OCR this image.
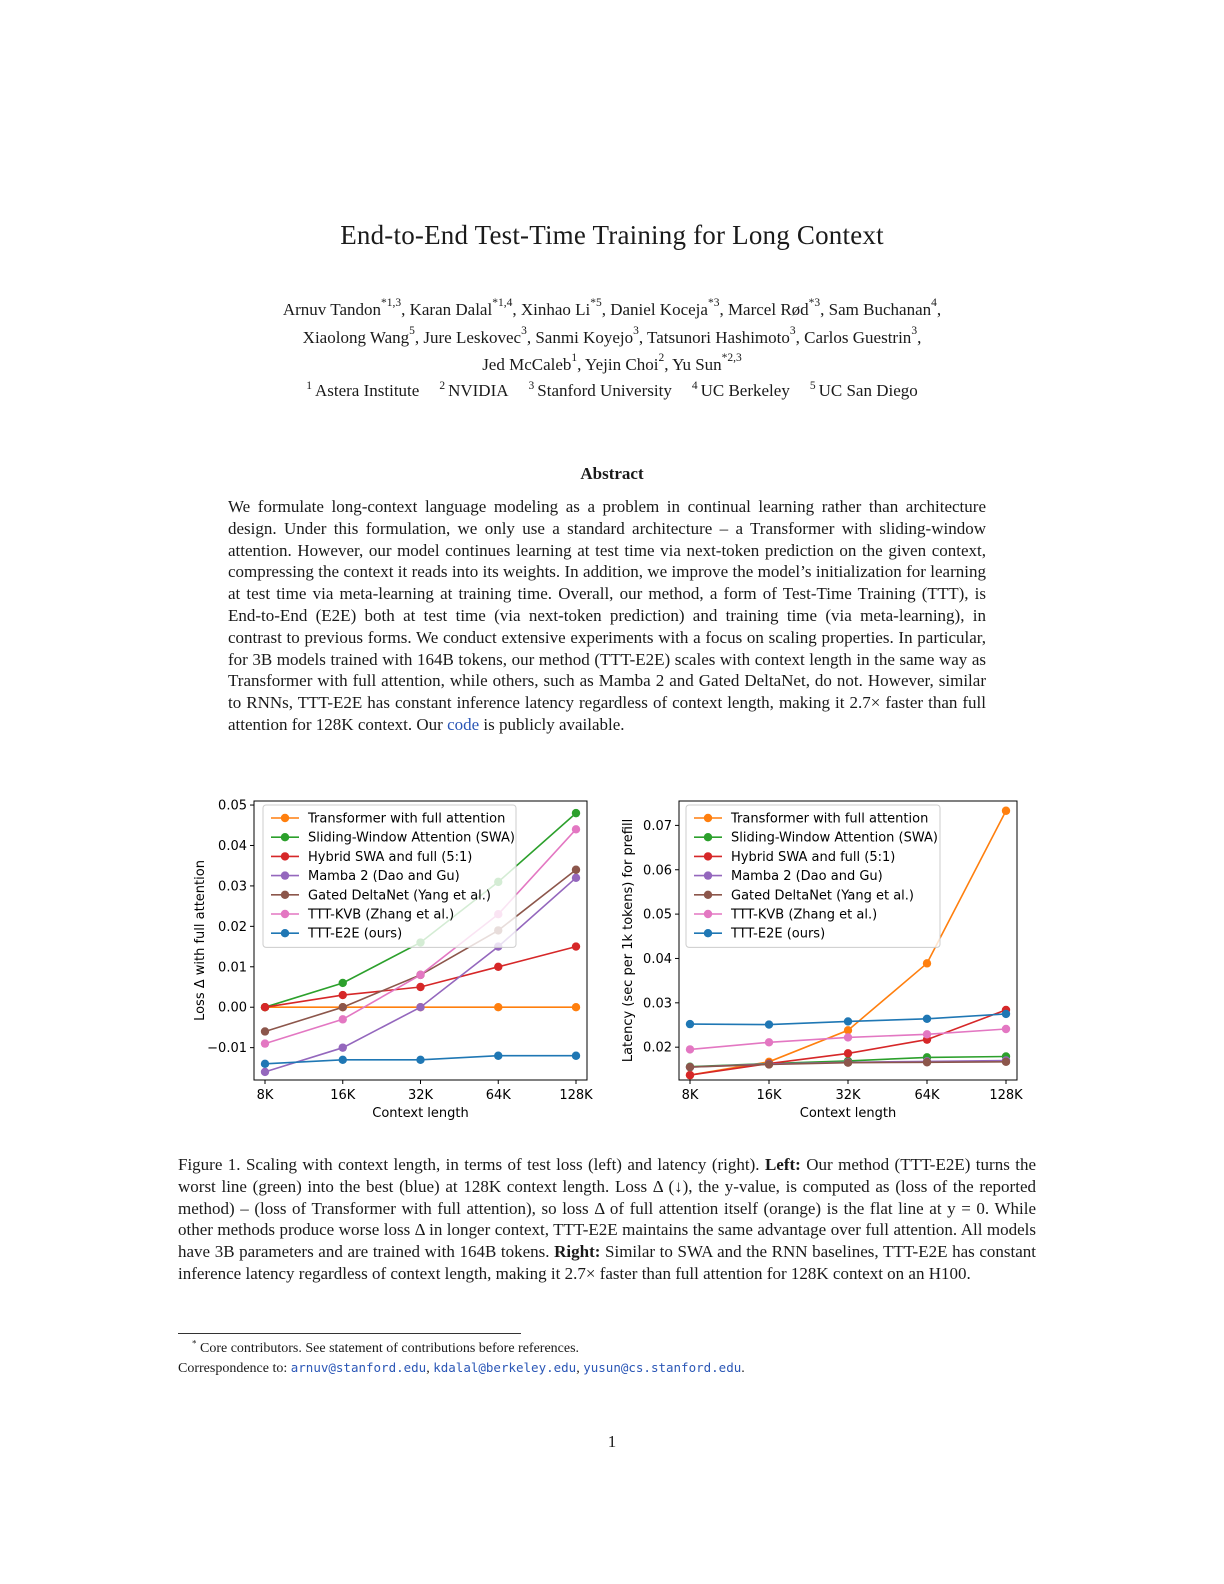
End-to-End Test-Time Training for Long Context
Arnuv Tandon$^{*1,3}$, Karan Dalal$^{*1,4}$, Xinhao Li$^{*5}$, Daniel Koceja$^{*3}$, Marcel Rød$^{*3}$, Sam Buchanan$^4$,
Xiaolong Wang$^5$, Jure Leskovec$^3$, Sanmi Koyejo$^3$, Tatsunori Hashimoto$^3$, Carlos Guestrin$^3$,
Jed McCaleb$^1$, Yejin Choi$^2$, Yu Sun$^{*2,3}$
$^1$ Astera Institute $^2$ NVIDIA $^3$ Stanford University $^4$ UC Berkeley $^5$ UC San Diego
Abstract
We formulate long-context language modeling as a problem in continual learning rather than architecture design. Under this formulation, we only use a standard architecture – a Transformer with sliding-window attention. However, our model continues learning at test time via next-token prediction on the given context, compressing the context it reads into its weights. In addition, we improve the model’s initialization for learning at test time via meta-learning at training time. Overall, our method, a form of Test-Time Training (TTT), is End-to-End (E2E) both at test time (via next-token prediction) and training time (via meta-learning), in contrast to previous forms. We conduct extensive experiments with a focus on scaling properties. In particular, for 3B models trained with 164B tokens, our method (TTT-E2E) scales with context length in the same way as Transformer with full attention, while others, such as Mamba 2 and Gated DeltaNet, do not. However, similar to RNNs, TTT-E2E has constant inference latency regardless of context length, making it 2.7× faster than full attention for 128K context. Our code is publicly available.
−0.01
0.00
0.01
0.02
0.03
0.04
0.05
8K	16K	32K	64K	128K
Context length
Loss Δ with full attention
Transformer with full attention
Sliding-Window Attention (SWA)
Hybrid SWA and full (5:1)
Mamba 2 (Dao and Gu)
Gated DeltaNet (Yang et al.)
TTT-KVB (Zhang et al.)
TTT-E2E (ours)
0.02
0.03
0.04
0.05
0.06
0.07
8K	16K	32K	64K	128K
Context length
Latency (sec per 1k tokens) for prefill	Transformer with full attention
Sliding-Window Attention (SWA)
Hybrid SWA and full (5:1)
Mamba 2 (Dao and Gu)
Gated DeltaNet (Yang et al.)
TTT-KVB (Zhang et al.)
TTT-E2E (ours)
Figure 1. Scaling with context length, in terms of test loss (left) and latency (right). Left: Our method (TTT-E2E) turns the worst line (green) into the best (blue) at 128K context length. Loss Δ (↓), the y-value, is computed as (loss of the reported method) – (loss of Transformer with full attention), so loss Δ of full attention itself (orange) is the flat line at y = 0. While other methods produce worse loss Δ in longer context, TTT-E2E maintains the same advantage over full attention. All models have 3B parameters and are trained with 164B tokens. Right: Similar to SWA and the RNN baselines, TTT-E2E has constant inference latency regardless of context length, making it 2.7× faster than full attention for 128K context on an H100.
* Core contributors. See statement of contributions before references.
Correspondence to: arnuv@stanford.edu, kdalal@berkeley.edu, yusun@cs.stanford.edu.
1
